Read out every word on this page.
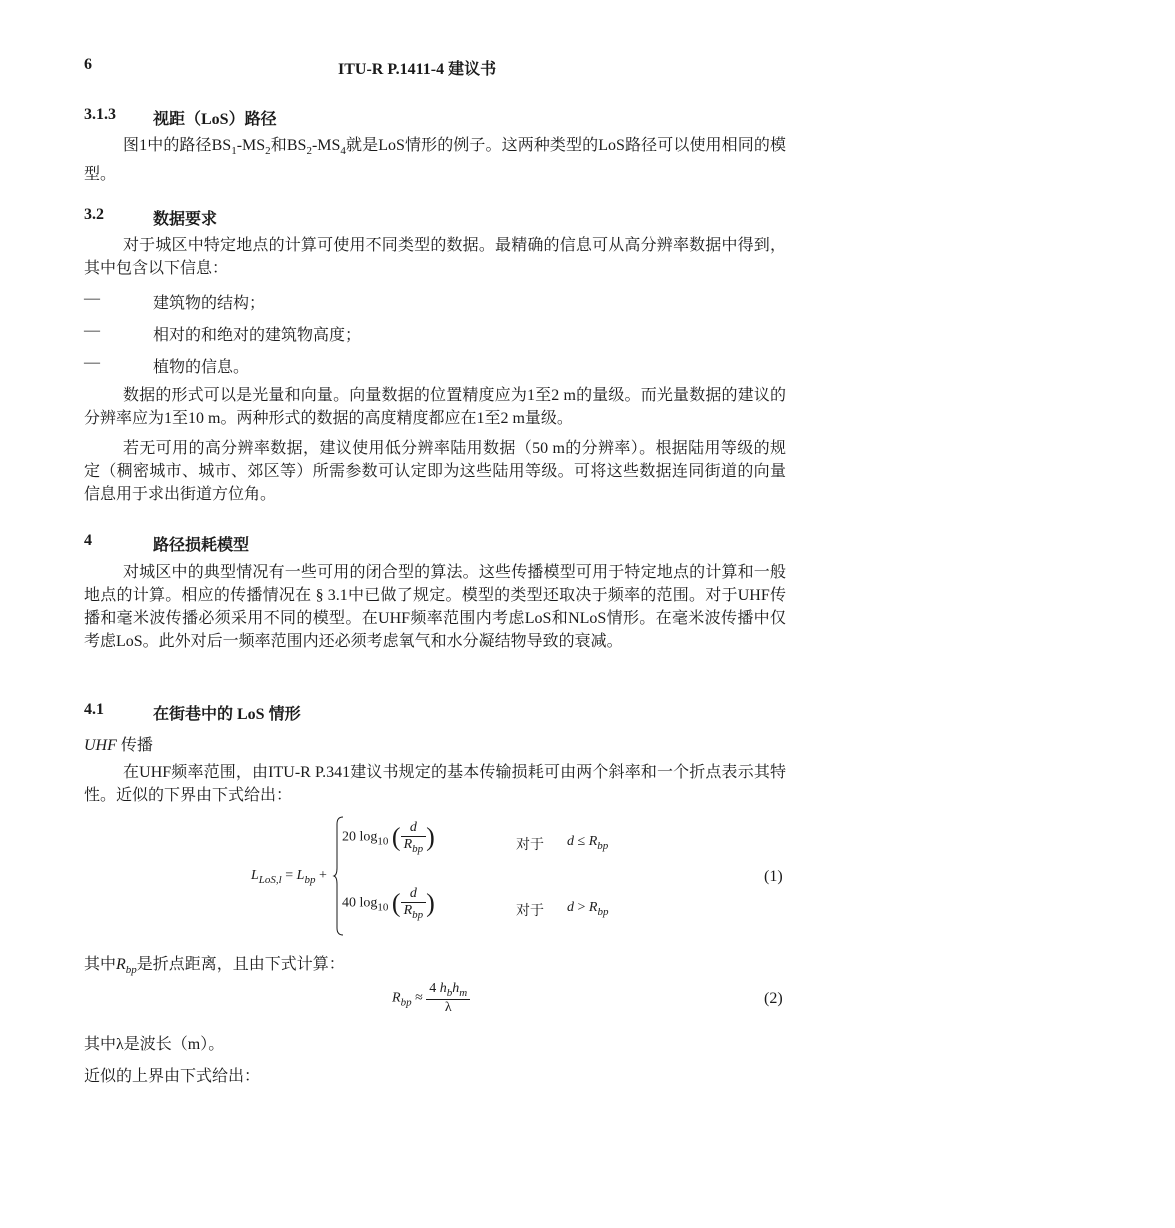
6	ITU-R P.1411-4 建议书
3.1.3 视距（LoS）路径
图1中的路径$BS_1-MS_2$和$BS_2-MS_4$就是LoS情形的例子。这两种类型的LoS路径可以使用相同的模型。
3.2	数据要求
对于城区中特定地点的计算可使用不同类型的数据。最精确的信息可从高分辨率数据中得到，其中包含以下信息：
—	建筑物的结构；
—	相对的和绝对的建筑物高度；
—	植物的信息。
数据的形式可以是光量和向量。向量数据的位置精度应为1至2 m的量级。而光量数据的建议的分辨率应为1至10 m。两种形式的数据的高度精度都应在1至2 m量级。
若无可用的高分辨率数据，建议使用低分辨率陆用数据（50 m的分辨率）。根据陆用等级的规定（稠密城市、城市、郊区等）所需参数可认定即为这些陆用等级。可将这些数据连同街道的向量信息用于求出街道方位角。
4	路径损耗模型
对城区中的典型情况有一些可用的闭合型的算法。这些传播模型可用于特定地点的计算和一般地点的计算。相应的传播情况在 § 3.1中已做了规定。模型的类型还取决于频率的范围。对于UHF传播和毫米波传播必须采用不同的模型。在UHF频率范围内考虑LoS和NLoS情形。在毫米波传播中仅考虑LoS。此外对后一频率范围内还必须考虑氧气和水分凝结物导致的衰减。
4.1	在街巷中的 LoS 情形
UHF 传播
在UHF频率范围，由ITU-R P.341建议书规定的基本传输损耗可由两个斜率和一个折点表示其特性。近似的下界由下式给出：
$L_{LoS,l} = L_{bp}$ +
20 $\log_{10}$ ( $\frac{d}{R_{bp}}$ )	对于 $d \le R_{bp}$
40 $\log_{10}$ ( $\frac{d}{R_{bp}}$ )	对于 $d > R_{bp}$
(1)
其中$R_{bp}$是折点距离，且由下式计算：
$R_{bp} \approx \frac{4 h_bh_m}{\lambda}$	(2)
其中λ是波长（m）。
近似的上界由下式给出：
